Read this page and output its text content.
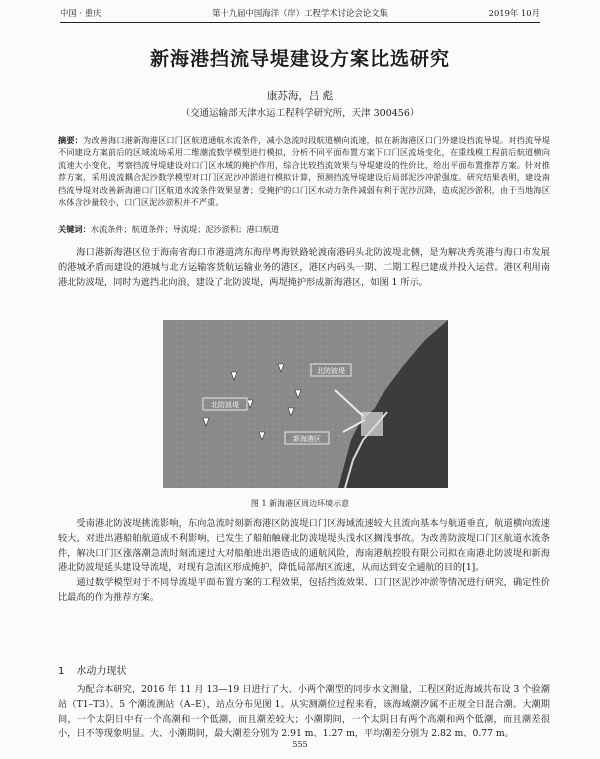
中国 · 重庆	第十九届中国海洋（岸）工程学术讨论会论文集	2019年 10月
新海港挡流导堤建设方案比选研究
康苏海，吕 彪
（交通运输部天津水运工程科学研究所，天津 300456）
摘要：为改善海口港新海港区口门区航道通航水流条件，减小急流时段航道横向流速，拟在新海港区口门外建设挡流导堤。对挡流导堤不同建设方案前后的区域流场采用二维潮流数学模型进行模拟，分析不同平面布置方案下口门区流场变化，在重线模工程前后航道横向流速大小变化，考察挡流导堤建设对口门区水域的掩护作用，综合比较挡流效果与导堤建设的性价比，给出平面布置推荐方案。针对推荐方案，采用波流耦合泥沙数学模型对口门区泥沙冲淤进行模拟计算，预测挡流导堤建设后局部泥沙冲淤强度。研究结果表明，建设南挡流导堤对改善新海港口门区航道水流条件效果显著；受掩护的口门区水动力条件减弱有利于泥沙沉降，造成泥沙淤积，由于当地海区水体含沙量较小，口门区泥沙淤积并不严重。
关键词：水流条件；航道条件；导流堤；泥沙淤积；港口航道
海口港新海港区位于海南省海口市港道湾东海岸粤海铁路轮渡南港码头北防波堤北侧，是为解决秀英港与海口市发展的港城矛盾而建设的港城与北方运输客货航运输业务的港区，港区内码头一期、二期工程已建成并投入运营。港区利用南港北防波堤，同时为遮挡北向浪，建设了北防波堤，两堤掩护形成新海港区，如图 1 所示。
北防波堤
北防波堤
新海港区
图 1 新海港区周边环境示意
受南港北防波堤挑流影响，东向急流时刻新海港区防波堤口门区海域流速较大且流向基本与航道垂直，航道横向流速较大，对进出港船舶航道成不利影响，已发生了船舶触碰北防波堤堤头浅水区搁浅事故。为改善防波堤口门区航道水流条件，解决口门区涨落潮急流时刻流速过大对船舶进出港造成的通航风险，海南港航控股有限公司拟在南港北防波堤和新海港北防波堤延头建设导流堤，对现有急流区形成掩护，降低局部海区流速，从而达到安全通航的目的[1]。
通过数学模型对于不同导流堤平面布置方案的工程效果，包括挡流效果、口门区泥沙冲淤等情况进行研究，确定性价比最高的作为推荐方案。
1 水动力现状
为配合本研究，2016 年 11 月 13—19 日进行了大、小两个潮型的同步水文测量，工程区附近海域共布设 3 个验潮站（T1–T3）、5 个潮流测站（A–E），站点分布见图 1。从实测潮位过程来看，该海域潮汐属不正规全日混合潮。大潮期间，一个太阴日中有一个高潮和一个低潮，而且潮差较大；小潮期间，一个太阴日有两个高潮和两个低潮，而且潮差很小，日不等现象明显。大、小潮期间，最大潮差分别为 2.91 m、1.27 m，平均潮差分别为 2.82 m、0.77 m。
555
